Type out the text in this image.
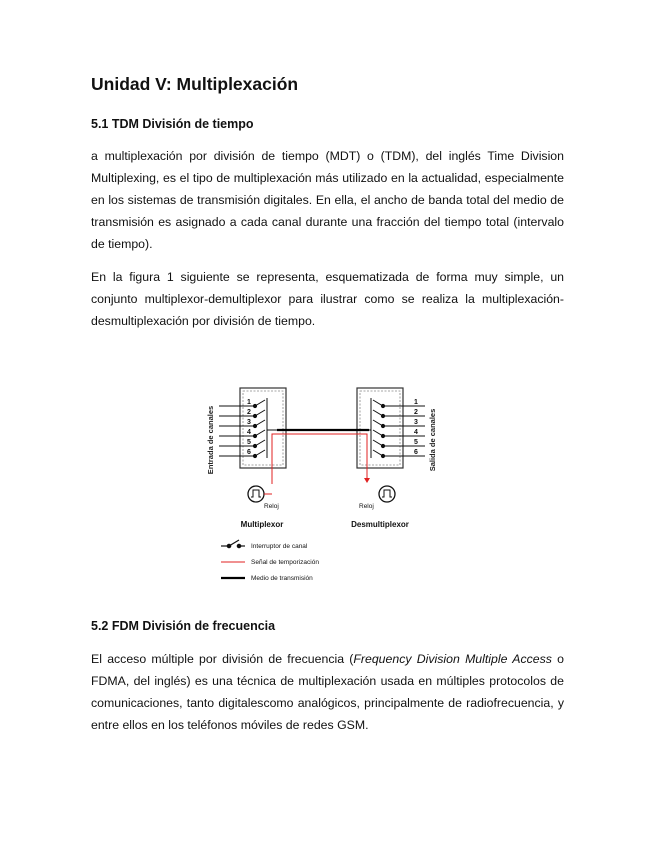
Unidad V: Multiplexación
5.1 TDM División de tiempo

a multiplexación por división de tiempo (MDT) o (TDM), del inglés Time Division Multiplexing, es el tipo de multiplexación más utilizado en la actualidad, especialmente en los sistemas de transmisión digitales. En ella, el ancho de banda total del medio de transmisión es asignado a cada canal durante una fracción del tiempo total (intervalo de tiempo).

En la figura 1 siguiente se representa, esquematizada de forma muy simple, un conjunto multiplexor-demultiplexor para ilustrar como se realiza la multiplexación-desmultiplexación por división de tiempo.

5.2 FDM División de frecuencia

El acceso múltiple por división de frecuencia (Frequency Division Multiple Access o FDMA, del inglés) es una técnica de multiplexación usada en múltiples protocolos de comunicaciones, tanto digitalescomo analógicos, principalmente de radiofrecuencia, y entre ellos en los teléfonos móviles de redes GSM.

Entrada de canales	Salida de canales
1
2
3
4
5
6
1
2
3
4
5
6
Reloj	Reloj
Multiplexor	Desmultiplexor
Interruptor de canal
Señal de temporización
Medio de transmisión
